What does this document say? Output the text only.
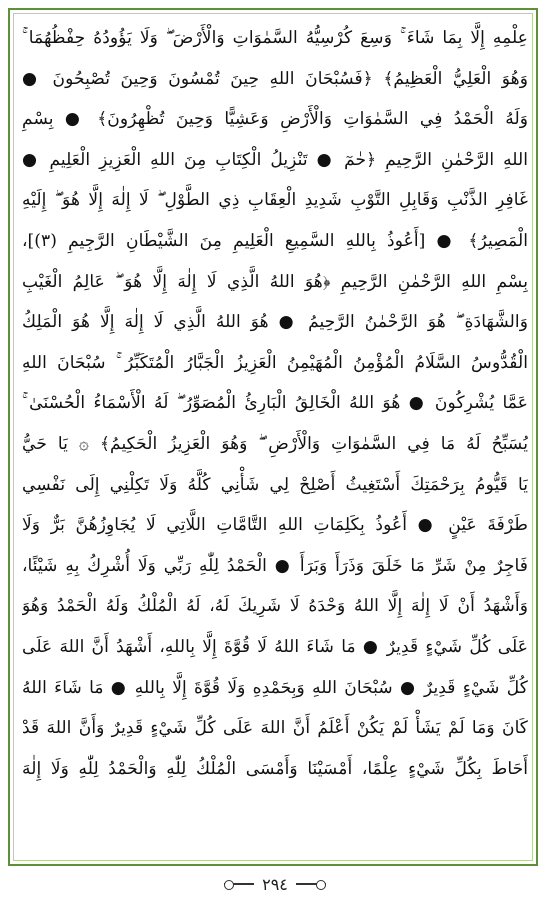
عِلْمِهِ إِلَّا بِمَا شَاءَ ۚ وَسِعَ كُرْسِيُّهُ السَّمٰوَاتِ وَالْأَرْضَ ۖ وَلَا يَؤُودُهُ حِفْظُهُمَا ۚ
وَهُوَ الْعَلِيُّ الْعَظِيمُ﴾ ﴿فَسُبْحَانَ اللهِ حِينَ تُمْسُونَ وَحِينَ تُصْبِحُونَ ●
وَلَهُ الْحَمْدُ فِي السَّمٰوَاتِ وَالْأَرْضِ وَعَشِيًّا وَحِينَ تُظْهِرُونَ﴾ ● بِسْمِ
اللهِ الرَّحْمٰنِ الرَّحِيمِ ﴿حٰمٓ ● تَنْزِيلُ الْكِتَابِ مِنَ اللهِ الْعَزِيزِ الْعَلِيمِ ●
غَافِرِ الذَّنْبِ وَقَابِلِ التَّوْبِ شَدِيدِ الْعِقَابِ ذِي الطَّوْلِ ۖ لَا إِلٰهَ إِلَّا هُوَ ۖ إِلَيْهِ
الْمَصِيرُ﴾ ● [أَعُوذُ بِاللهِ السَّمِيعِ الْعَلِيمِ مِنَ الشَّيْطَانِ الرَّجِيمِ (٣)]،
بِسْمِ اللهِ الرَّحْمٰنِ الرَّحِيمِ ﴿هُوَ اللهُ الَّذِي لَا إِلٰهَ إِلَّا هُوَ ۖ عَالِمُ الْغَيْبِ
وَالشَّهَادَةِ ۖ هُوَ الرَّحْمٰنُ الرَّحِيمُ ● هُوَ اللهُ الَّذِي لَا إِلٰهَ إِلَّا هُوَ الْمَلِكُ
الْقُدُّوسُ السَّلَامُ الْمُؤْمِنُ الْمُهَيْمِنُ الْعَزِيزُ الْجَبَّارُ الْمُتَكَبِّرُ ۚ سُبْحَانَ اللهِ
عَمَّا يُشْرِكُونَ ● هُوَ اللهُ الْخَالِقُ الْبَارِئُ الْمُصَوِّرُ ۖ لَهُ الْأَسْمَاءُ الْحُسْنَىٰ ۚ
يُسَبِّحُ لَهُ مَا فِي السَّمٰوَاتِ وَالْأَرْضِ ۖ وَهُوَ الْعَزِيزُ الْحَكِيمُ﴾ ۞ يَا حَيُّ
يَا قَيُّومُ بِرَحْمَتِكَ أَسْتَغِيثُ أَصْلِحْ لِي شَأْنِي كُلَّهُ وَلَا تَكِلْنِي إِلَى نَفْسِي
طَرْفَةَ عَيْنٍ ● أَعُوذُ بِكَلِمَاتِ اللهِ التَّامَّاتِ اللَّاتِي لَا يُجَاوِزُهُنَّ بَرٌّ وَلَا
فَاجِرٌ مِنْ شَرِّ مَا خَلَقَ وَذَرَأَ وَبَرَأَ ● الْحَمْدُ لِلّٰهِ رَبِّي وَلَا أُشْرِكُ بِهِ شَيْئًا،
وَأَشْهَدُ أَنْ لَا إِلٰهَ إِلَّا اللهُ وَحْدَهُ لَا شَرِيكَ لَهُ، لَهُ الْمُلْكُ وَلَهُ الْحَمْدُ وَهُوَ
عَلَى كُلِّ شَيْءٍ قَدِيرٌ ● مَا شَاءَ اللهُ لَا قُوَّةَ إِلَّا بِاللهِ، أَشْهَدُ أَنَّ اللهَ عَلَى
كُلِّ شَيْءٍ قَدِيرٌ ● سُبْحَانَ اللهِ وَبِحَمْدِهِ وَلَا قُوَّةَ إِلَّا بِاللهِ ● مَا شَاءَ اللهُ
كَانَ وَمَا لَمْ يَشَأْ لَمْ يَكُنْ أَعْلَمُ أَنَّ اللهَ عَلَى كُلِّ شَيْءٍ قَدِيرٌ وَأَنَّ اللهَ قَدْ
أَحَاطَ بِكُلِّ شَيْءٍ عِلْمًا، أَمْسَيْنَا وَأَمْسَى الْمُلْكُ لِلّٰهِ وَالْحَمْدُ لِلّٰهِ وَلَا إِلٰهَ
٢٩٤
